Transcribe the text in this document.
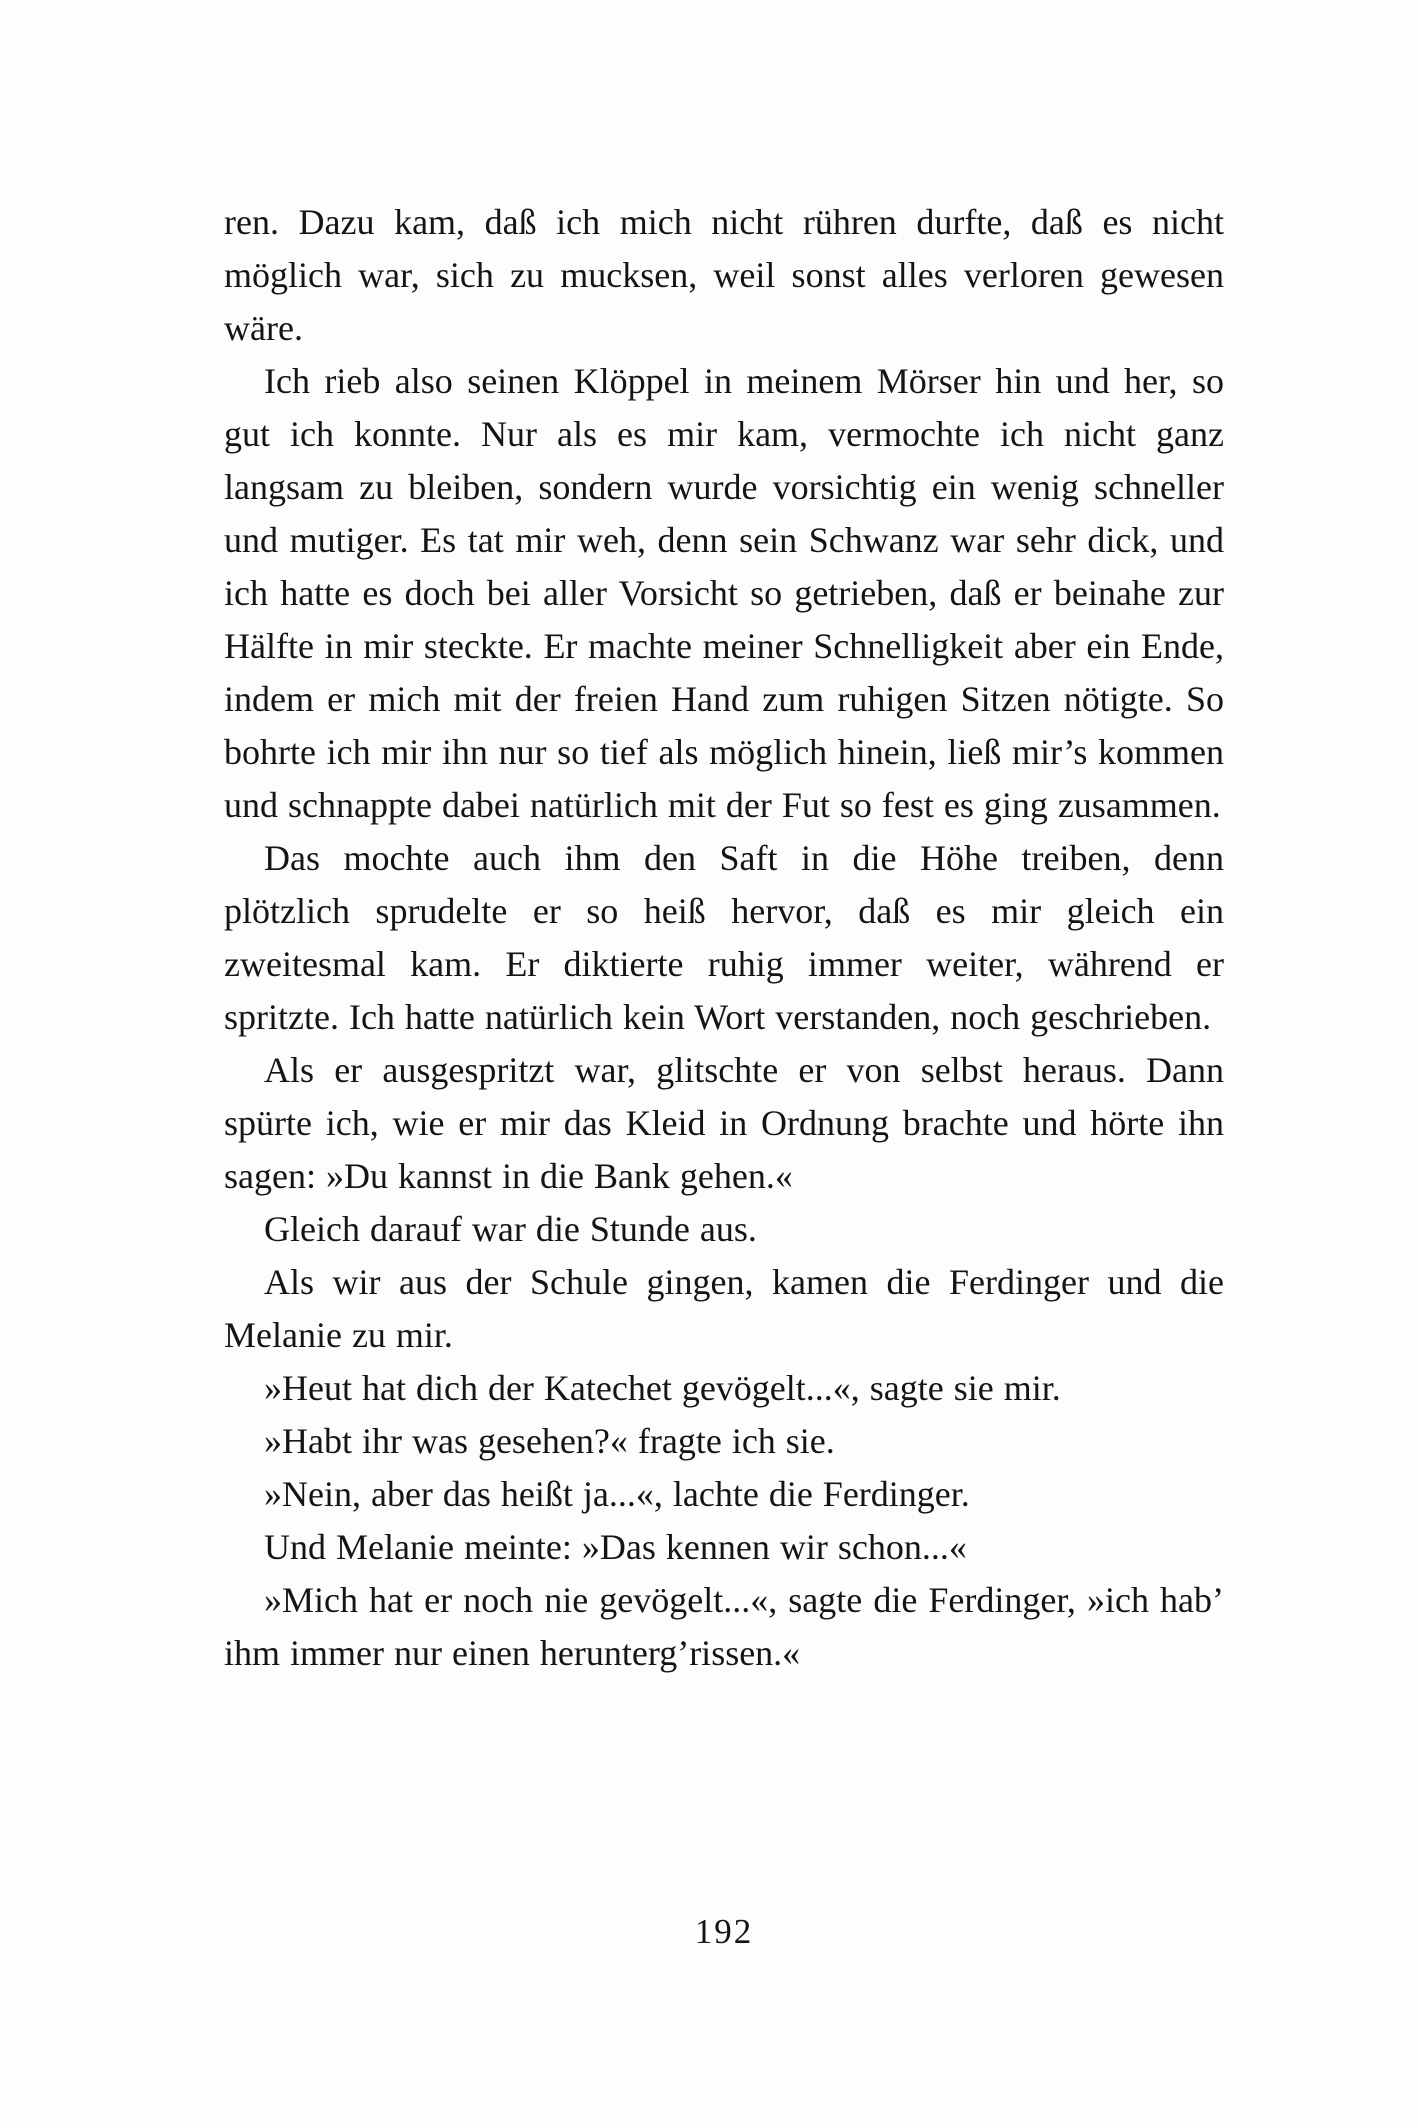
ren. Dazu kam, daß ich mich nicht rühren durfte, daß es nicht möglich war, sich zu mucksen, weil sonst alles verloren gewesen wäre.

Ich rieb also seinen Klöppel in meinem Mörser hin und her, so gut ich konnte. Nur als es mir kam, vermochte ich nicht ganz langsam zu bleiben, sondern wurde vorsichtig ein wenig schneller und mutiger. Es tat mir weh, denn sein Schwanz war sehr dick, und ich hatte es doch bei aller Vorsicht so getrieben, daß er beinahe zur Hälfte in mir steckte. Er machte meiner Schnelligkeit aber ein Ende, indem er mich mit der freien Hand zum ruhigen Sitzen nötigte. So bohrte ich mir ihn nur so tief als möglich hinein, ließ mir’s kommen und schnappte dabei natürlich mit der Fut so fest es ging zusammen.

Das mochte auch ihm den Saft in die Höhe treiben, denn plötzlich sprudelte er so heiß hervor, daß es mir gleich ein zweitesmal kam. Er diktierte ruhig immer weiter, während er spritzte. Ich hatte natürlich kein Wort verstanden, noch geschrieben.

Als er ausgespritzt war, glitschte er von selbst heraus. Dann spürte ich, wie er mir das Kleid in Ordnung brachte und hörte ihn sagen: »Du kannst in die Bank gehen.«

Gleich darauf war die Stunde aus.

Als wir aus der Schule gingen, kamen die Ferdinger und die Melanie zu mir.

»Heut hat dich der Katechet gevögelt...«, sagte sie mir.

»Habt ihr was gesehen?« fragte ich sie.

»Nein, aber das heißt ja...«, lachte die Ferdinger.

Und Melanie meinte: »Das kennen wir schon...«

»Mich hat er noch nie gevögelt...«, sagte die Ferdinger, »ich hab’ ihm immer nur einen herunterg’rissen.«

192
